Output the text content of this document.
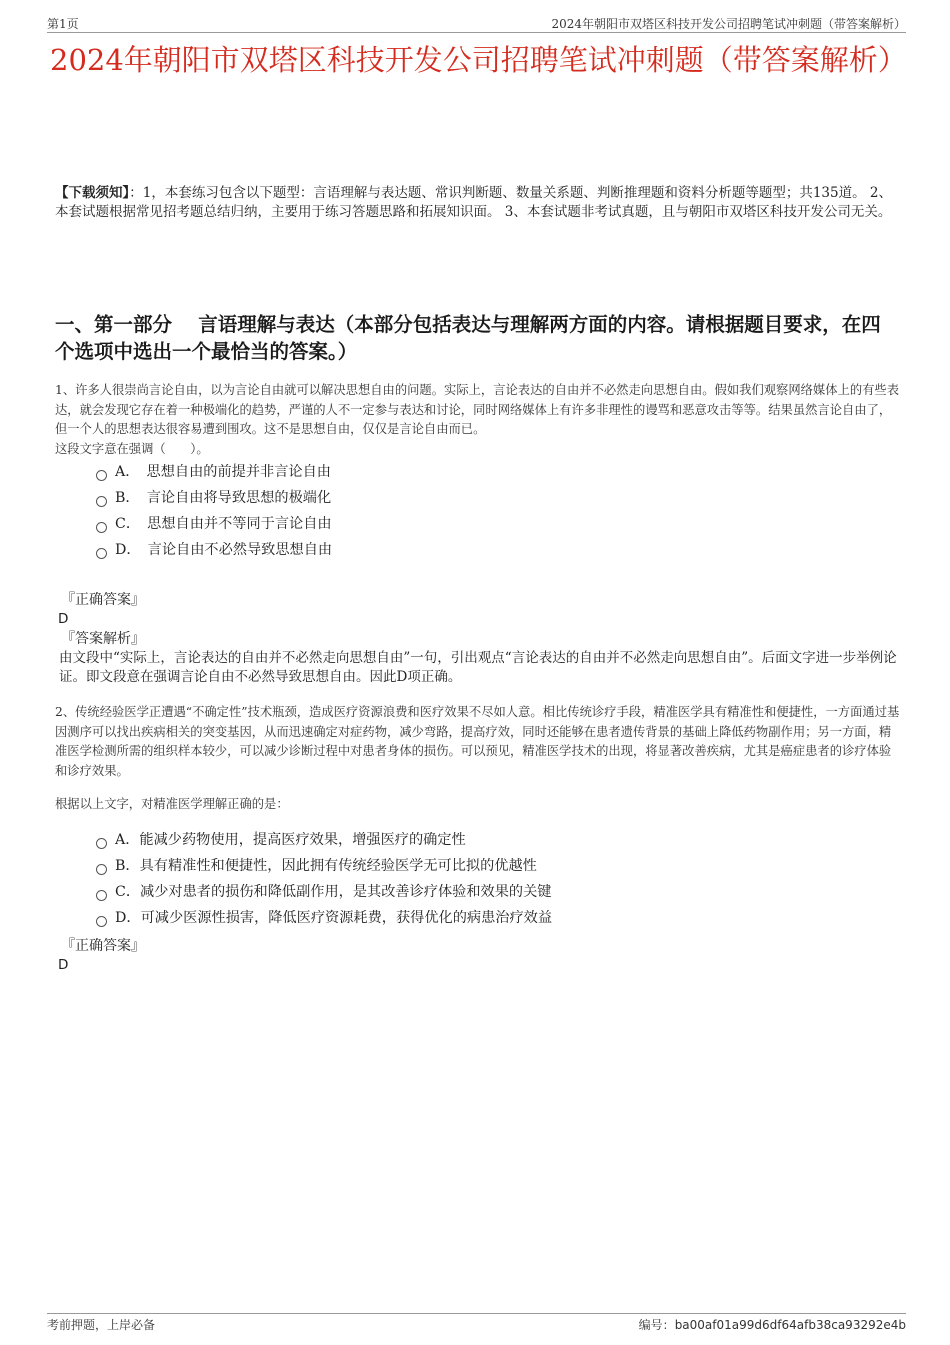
第1页	2024年朝阳市双塔区科技开发公司招聘笔试冲刺题（带答案解析）
2024年朝阳市双塔区科技开发公司招聘笔试冲刺题（带答案解析）

【下载须知】：1，本套练习包含以下题型：言语理解与表达题、常识判断题、数量关系题、判断推理题和资料分析题等题型；共135道。 2、本套试题根据常见招考题总结归纳，主要用于练习答题思路和拓展知识面。 3、本套试题非考试真题，且与朝阳市双塔区科技开发公司无关。

一、第一部分　 言语理解与表达（本部分包括表达与理解两方面的内容。请根据题目要求，在四个选项中选出一个最恰当的答案。）

1、许多人很崇尚言论自由，以为言论自由就可以解决思想自由的问题。实际上，言论表达的自由并不必然走向思想自由。假如我们观察网络媒体上的有些表达，就会发现它存在着一种极端化的趋势，严谨的人不一定参与表达和讨论，同时网络媒体上有许多非理性的谩骂和恶意攻击等等。结果虽然言论自由了，但一个人的思想表达很容易遭到围攻。这不是思想自由，仅仅是言论自由而已。

这段文字意在强调（　　）。

A．　思想自由的前提并非言论自由
B．　言论自由将导致思想的极端化
C．　思想自由并不等同于言论自由
D．　言论自由不必然导致思想自由

『正确答案』

D

『答案解析』

由文段中“实际上，言论表达的自由并不必然走向思想自由”一句，引出观点“言论表达的自由并不必然走向思想自由”。后面文字进一步举例论证。即文段意在强调言论自由不必然导致思想自由。因此D项正确。

2、传统经验医学正遭遇“不确定性”技术瓶颈，造成医疗资源浪费和医疗效果不尽如人意。相比传统诊疗手段，精准医学具有精准性和便捷性，一方面通过基因测序可以找出疾病相关的突变基因，从而迅速确定对症药物，减少弯路，提高疗效，同时还能够在患者遗传背景的基础上降低药物副作用；另一方面，精准医学检测所需的组织样本较少，可以减少诊断过程中对患者身体的损伤。可以预见，精准医学技术的出现，将显著改善疾病，尤其是癌症患者的诊疗体验和诊疗效果。

根据以上文字，对精准医学理解正确的是：

A．能减少药物使用，提高医疗效果，增强医疗的确定性
B．具有精准性和便捷性，因此拥有传统经验医学无可比拟的优越性
C．减少对患者的损伤和降低副作用，是其改善诊疗体验和效果的关键
D．可减少医源性损害，降低医疗资源耗费，获得优化的病患治疗效益

『正确答案』

D

考前押题，上岸必备	编号：ba00af01a99d6df64afb38ca93292e4b
